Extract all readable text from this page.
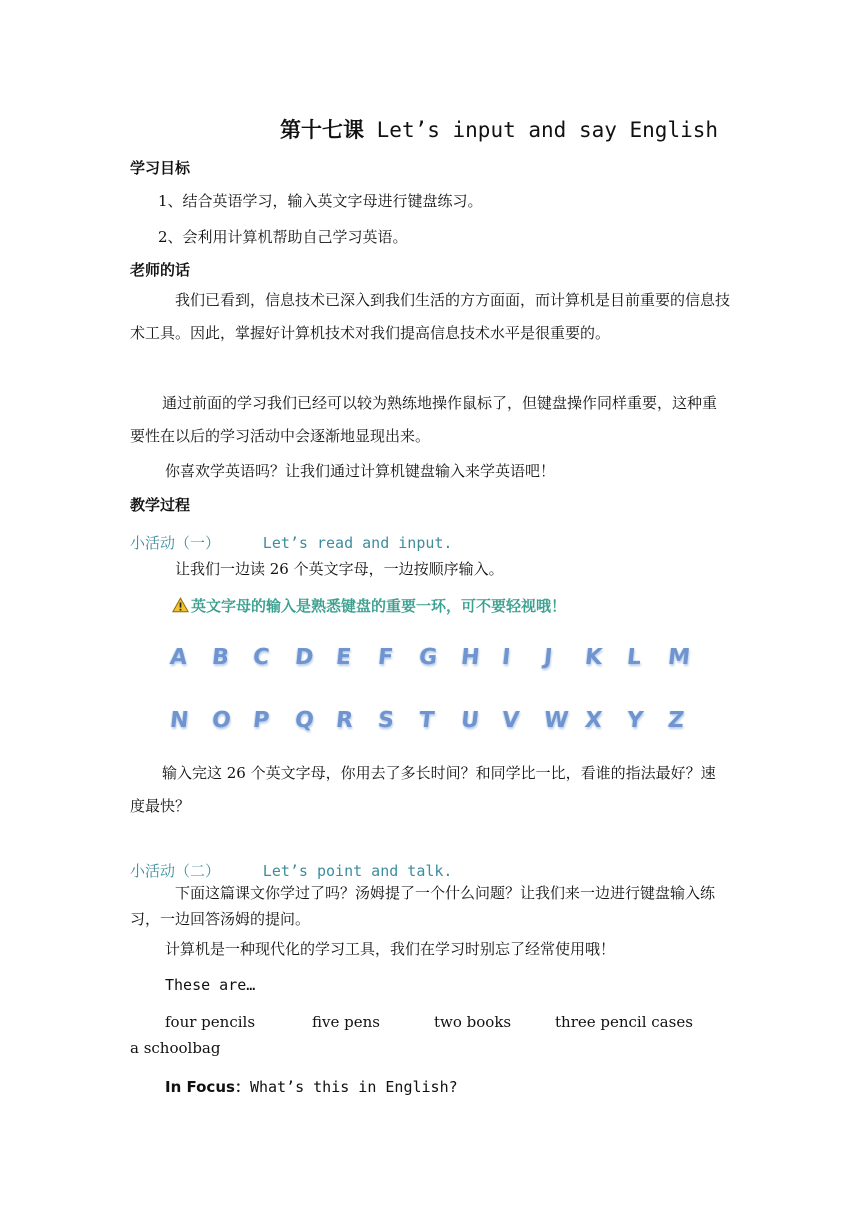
第十七课 Let’s input and say English
学习目标
1、结合英语学习，输入英文字母进行键盘练习。
2、会利用计算机帮助自己学习英语。
老师的话
我们已看到，信息技术已深入到我们生活的方方面面，而计算机是目前重要的信息技术工具。因此，掌握好计算机技术对我们提高信息技术水平是很重要的。
通过前面的学习我们已经可以较为熟练地操作鼠标了，但键盘操作同样重要，这种重要性在以后的学习活动中会逐渐地显现出来。
你喜欢学英语吗？让我们通过计算机键盘输入来学英语吧！
教学过程
小活动（一）	Let’s read and input.
让我们一边读 26 个英文字母，一边按顺序输入。
英文字母的输入是熟悉键盘的重要一环，可不要轻视哦！
A B C D E F G H I J K L M
N O P Q R S T U V W X Y Z
输入完这 26 个英文字母，你用去了多长时间？和同学比一比，看谁的指法最好？速度最快？
小活动（二）	Let’s point and talk.
下面这篇课文你学过了吗？汤姆提了一个什么问题？让我们来一边进行键盘输入练习，一边回答汤姆的提问。
计算机是一种现代化的学习工具，我们在学习时别忘了经常使用哦！
These are…
four pencils	five pens	two books	three pencil cases
a schoolbag
In Focus：What’s this in English?
